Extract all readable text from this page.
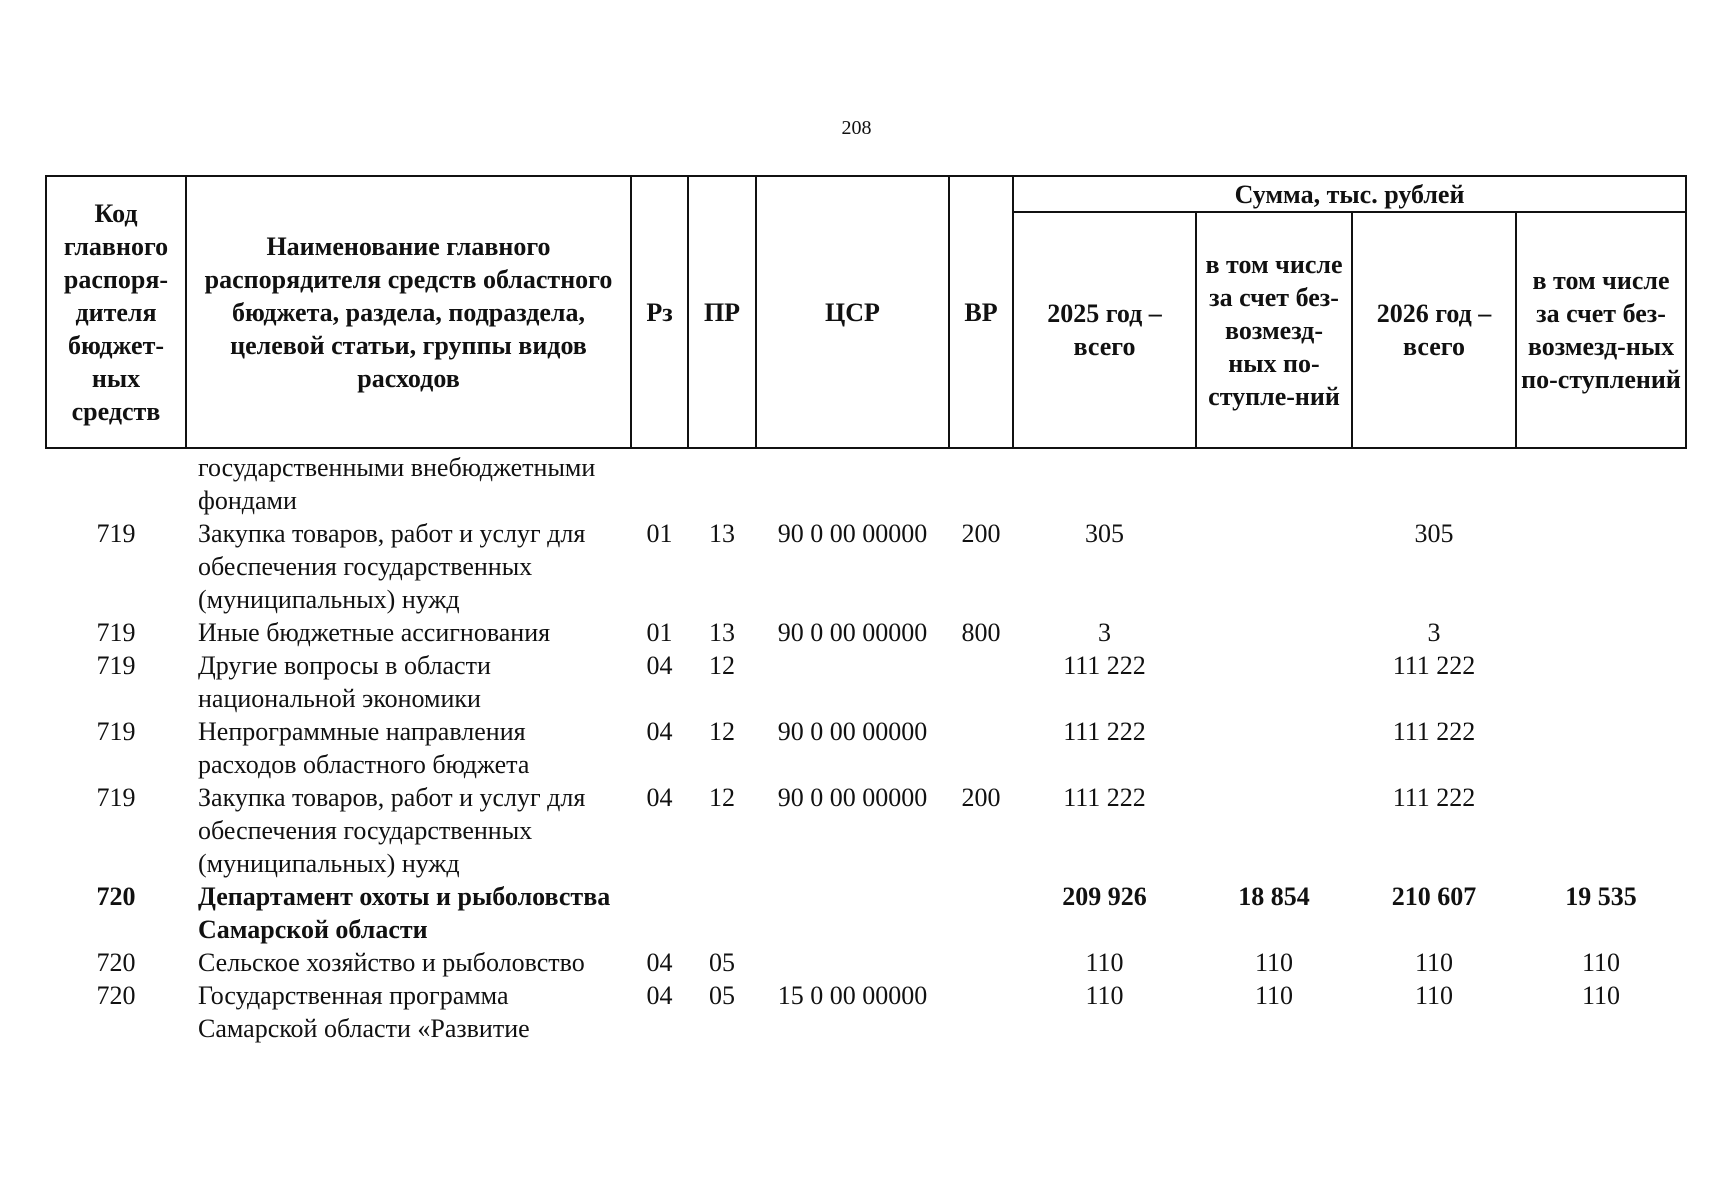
208
Код главного распоря-дителя бюджет-ных средств	Наименование главного распорядителя средств областного бюджета, раздела, подраздела, целевой статьи, группы видов расходов	Рз	ПР	ЦСР	ВР	Сумма, тыс. рублей			
						2025 год – всего	в том числе за счет без-возмезд-ных по-ступле-ний	2026 год – всего	в том числе за счет без-возмезд-ных по-ступлений
	государственными внебюджетными фондами								
719	Закупка товаров, работ и услуг для обеспечения государственных (муниципальных) нужд	01	13	90 0 00 00000	200	305		305	
719	Иные бюджетные ассигнования	01	13	90 0 00 00000	800	3		3	
719	Другие вопросы в области национальной экономики	04	12			111 222		111 222	
719	Непрограммные направления расходов областного бюджета	04	12	90 0 00 00000		111 222		111 222	
719	Закупка товаров, работ и услуг для обеспечения государственных (муниципальных) нужд	04	12	90 0 00 00000	200	111 222		111 222	
720	Департамент охоты и рыболовства Самарской области					209 926	18 854	210 607	19 535
720	Сельское хозяйство и рыболовство	04	05			110	110	110	110
720	Государственная программа Самарской области «Развитие	04	05	15 0 00 00000		110	110	110	110
